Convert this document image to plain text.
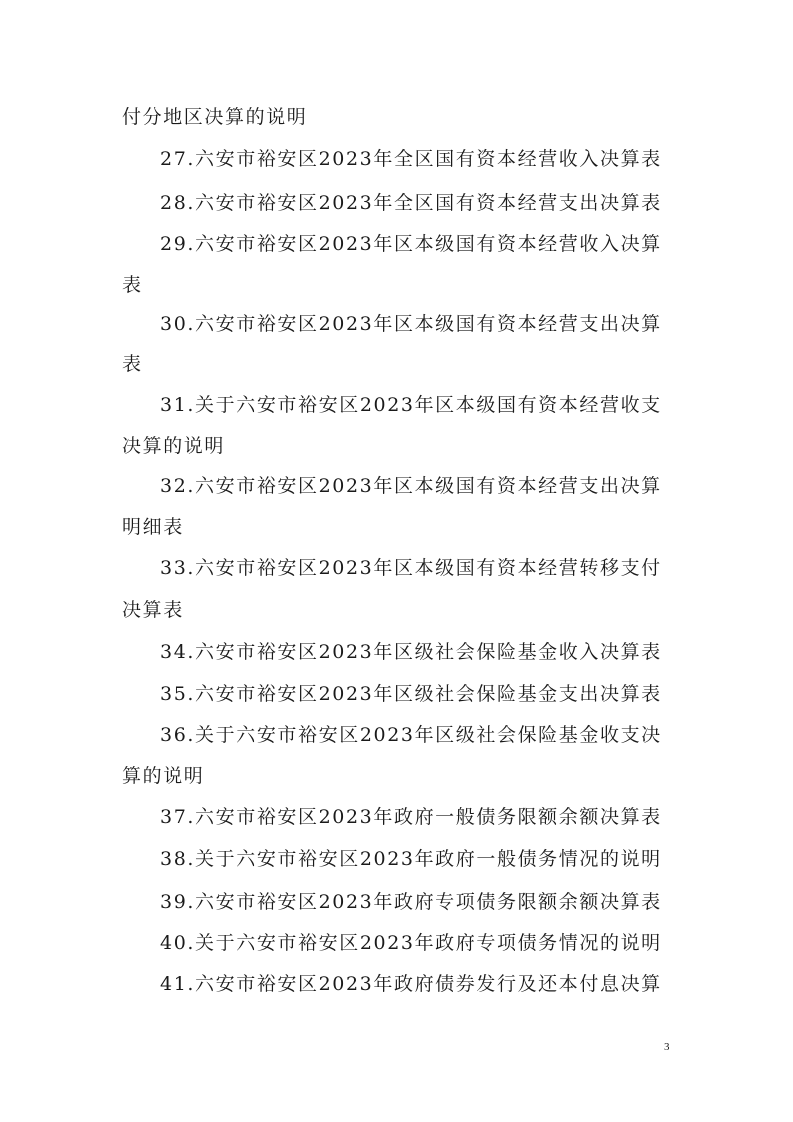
付分地区决算的说明
27.六安市裕安区2023年全区国有资本经营收入决算表
28.六安市裕安区2023年全区国有资本经营支出决算表
29.六安市裕安区2023年区本级国有资本经营收入决算
表
30.六安市裕安区2023年区本级国有资本经营支出决算
表
31.关于六安市裕安区2023年区本级国有资本经营收支
决算的说明
32.六安市裕安区2023年区本级国有资本经营支出决算
明细表
33.六安市裕安区2023年区本级国有资本经营转移支付
决算表
34.六安市裕安区2023年区级社会保险基金收入决算表
35.六安市裕安区2023年区级社会保险基金支出决算表
36.关于六安市裕安区2023年区级社会保险基金收支决
算的说明
37.六安市裕安区2023年政府一般债务限额余额决算表
38.关于六安市裕安区2023年政府一般债务情况的说明
39.六安市裕安区2023年政府专项债务限额余额决算表
40.关于六安市裕安区2023年政府专项债务情况的说明
41.六安市裕安区2023年政府债券发行及还本付息决算
3
